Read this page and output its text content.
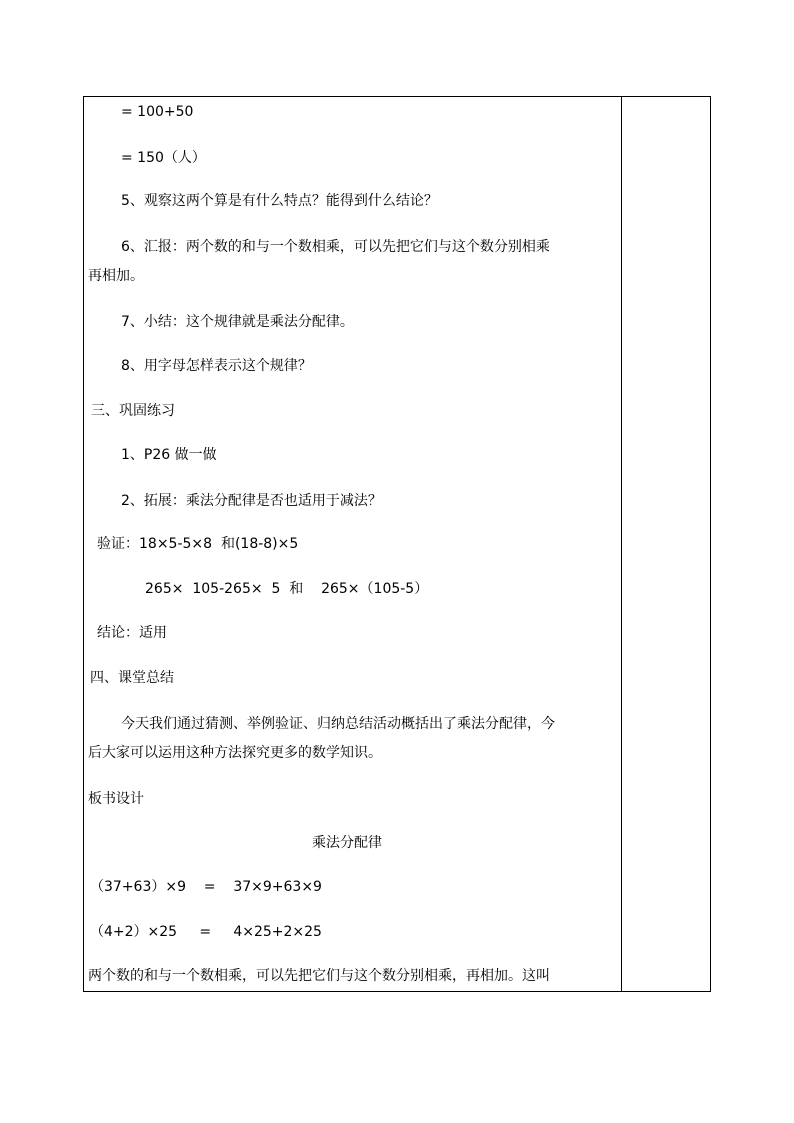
= 100+50
= 150（人）
5、观察这两个算是有什么特点？能得到什么结论？
6、汇报：两个数的和与一个数相乘，可以先把它们与这个数分别相乘
再相加。
7、小结：这个规律就是乘法分配律。
8、用字母怎样表示这个规律？
三、巩固练习
1、P26 做一做
2、拓展：乘法分配律是否也适用于减法？
验证：18×5-5×8  和(18-8)×5
265×  105-265×  5  和    265×（105-5）
结论：适用
四、课堂总结
今天我们通过猜测、举例验证、归纳总结活动概括出了乘法分配律，今
后大家可以运用这种方法探究更多的数学知识。
板书设计
乘法分配律
（37+63）×9    =    37×9+63×9
（4+2）×25     =     4×25+2×25
两个数的和与一个数相乘，可以先把它们与这个数分别相乘，再相加。这叫
